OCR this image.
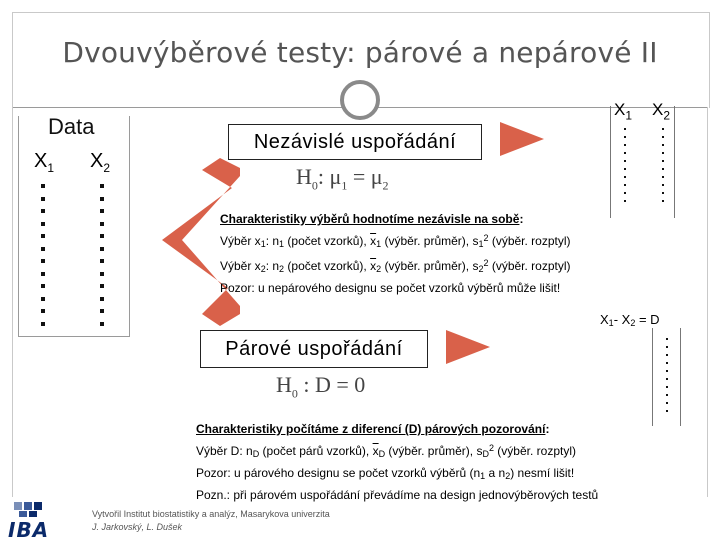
Dvouvýběrové testy: párové a nepárové II
Data
$X_1$ $X_2$
Nezávislé uspořádání
$H_0$: $\mu_1 = \mu_2$
$X_1$ $X_2$
Charakteristiky výběrů hodnotíme nezávisle na sobě:
Výběr $x_1$: $n_1$ (počet vzorků), $\overline{x}_1$ (výběr. průměr), $s_1^2$ (výběr. rozptyl)
Výběr $x_2$: $n_2$ (počet vzorků), $\overline{x}_2$ (výběr. průměr), $s_2^2$ (výběr. rozptyl)
Pozor: u nepárového designu se počet vzorků výběrů může lišit!
Párové uspořádání
$H_0$ : D = 0
$X_1-$ $X_2 = D$
Charakteristiky počítáme z diferencí (D) párových pozorování:
Výběr D: $n_D$ (počet párů vzorků), $\overline{x}_D$ (výběr. průměr), $s_D^2$ (výběr. rozptyl)
Pozor: u párového designu se počet vzorků výběrů ($n_1$ a $n_2$) nesmí lišit!
Pozn.: při párovém uspořádání převádíme na design jednovýběrových testů
IBA
Vytvořil Institut biostatistiky a analýz, Masarykova univerzita
J. Jarkovský, L. Dušek
